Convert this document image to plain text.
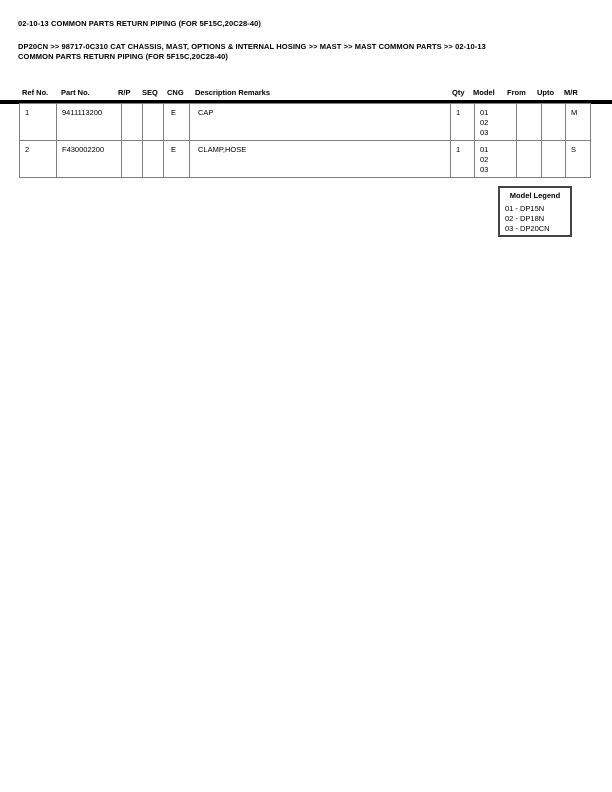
02-10-13 COMMON PARTS RETURN PIPING (FOR 5F15C,20C28-40)
DP20CN >> 98717-0C310 CAT CHASSIS, MAST, OPTIONS & INTERNAL HOSING >> MAST >> MAST COMMON PARTS >> 02-10-13 COMMON PARTS RETURN PIPING (FOR 5F15C,20C28-40)
Ref No. Part No.	R/P SEQ CNG Description Remarks	Qty Model From Upto M/R
1	9411113200			E	CAP	1	01
02
03			M
2	F430002200			E	CLAMP,HOSE	1	01
02
03			S
Model Legend
01 - DP15N
02 - DP18N
03 - DP20CN
